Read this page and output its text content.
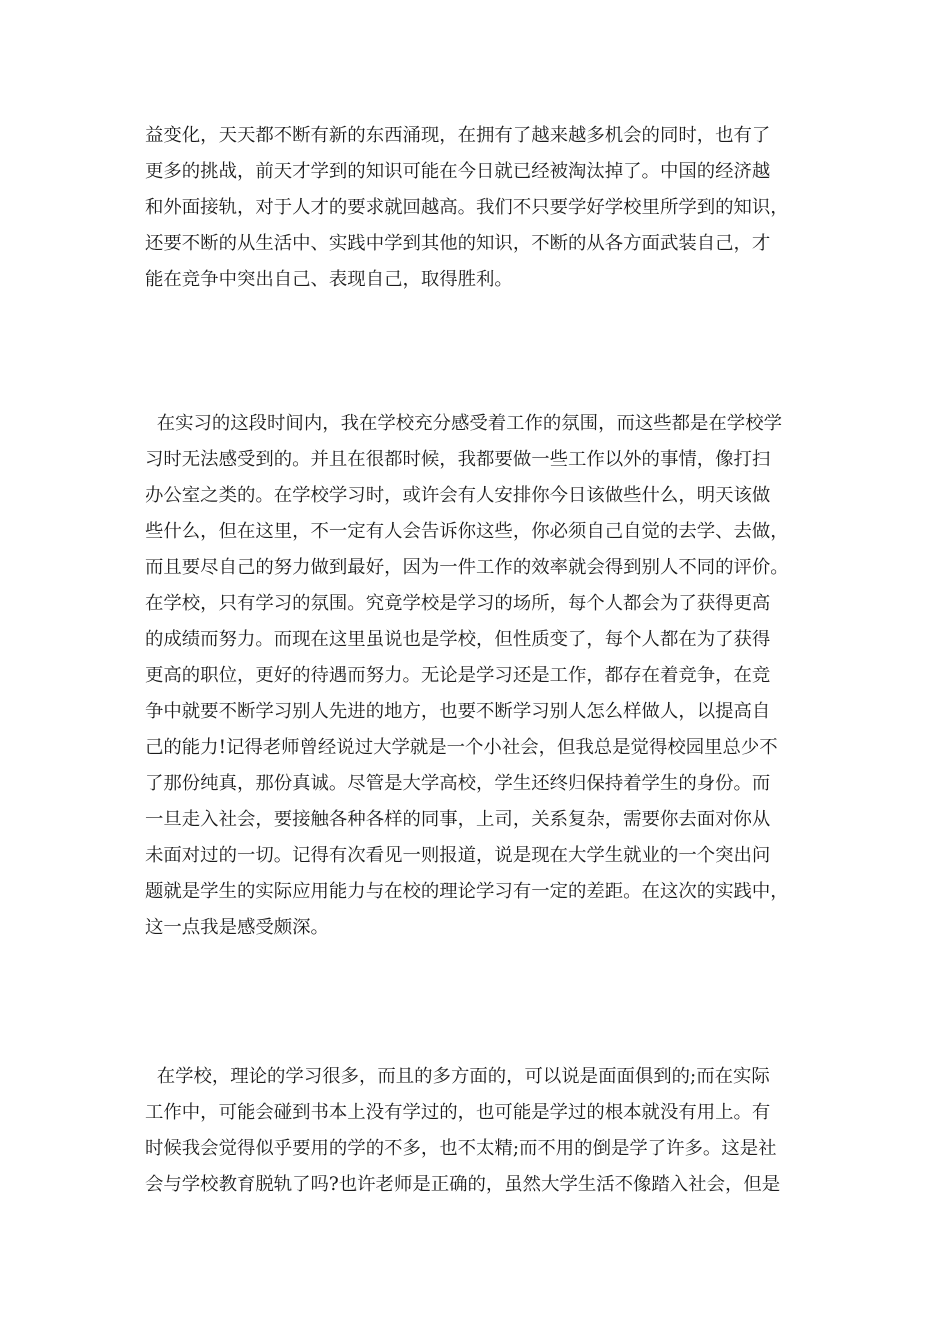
益变化，天天都不断有新的东西涌现，在拥有了越来越多机会的同时，也有了
更多的挑战，前天才学到的知识可能在今日就已经被淘汰掉了。中国的经济越
和外面接轨，对于人才的要求就回越高。我们不只要学好学校里所学到的知识，
还要不断的从生活中、实践中学到其他的知识，不断的从各方面武装自己，才
能在竞争中突出自己、表现自己，取得胜利。
在实习的这段时间内，我在学校充分感受着工作的氛围，而这些都是在学校学
习时无法感受到的。并且在很都时候，我都要做一些工作以外的事情，像打扫
办公室之类的。在学校学习时，或许会有人安排你今日该做些什么，明天该做
些什么，但在这里，不一定有人会告诉你这些，你必须自己自觉的去学、去做，
而且要尽自己的努力做到最好，因为一件工作的效率就会得到别人不同的评价。
在学校，只有学习的氛围。究竟学校是学习的场所，每个人都会为了获得更高
的成绩而努力。而现在这里虽说也是学校，但性质变了，每个人都在为了获得
更高的职位，更好的待遇而努力。无论是学习还是工作，都存在着竞争，在竞
争中就要不断学习别人先进的地方，也要不断学习别人怎么样做人，以提高自
己的能力!记得老师曾经说过大学就是一个小社会，但我总是觉得校园里总少不
了那份纯真，那份真诚。尽管是大学高校，学生还终归保持着学生的身份。而
一旦走入社会，要接触各种各样的同事，上司，关系复杂，需要你去面对你从
未面对过的一切。记得有次看见一则报道，说是现在大学生就业的一个突出问
题就是学生的实际应用能力与在校的理论学习有一定的差距。在这次的实践中，
这一点我是感受颇深。
在学校，理论的学习很多，而且的多方面的，可以说是面面俱到的;而在实际
工作中，可能会碰到书本上没有学过的，也可能是学过的根本就没有用上。有
时候我会觉得似乎要用的学的不多，也不太精;而不用的倒是学了许多。这是社
会与学校教育脱轨了吗?也许老师是正确的，虽然大学生活不像踏入社会，但是
